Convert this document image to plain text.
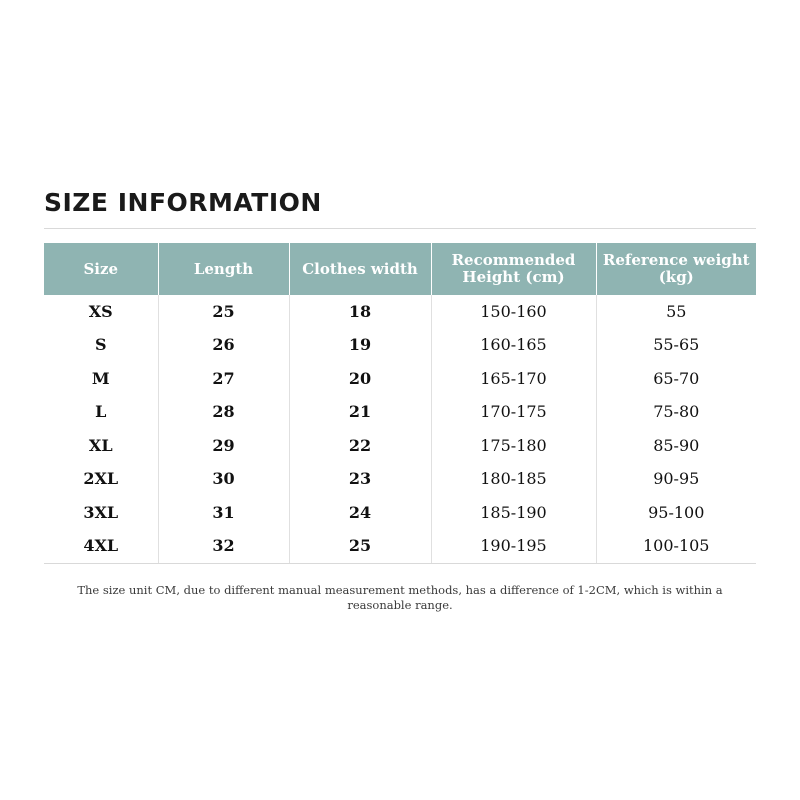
SIZE INFORMATION
Size	Length	Clothes width	Recommended Height (cm)	Reference weight (kg)
XS	25	18	150-160	55
S	26	19	160-165	55-65
M	27	20	165-170	65-70
L	28	21	170-175	75-80
XL	29	22	175-180	85-90
2XL	30	23	180-185	90-95
3XL	31	24	185-190	95-100
4XL	32	25	190-195	100-105
The size unit CM, due to different manual measurement methods, has a difference of 1-2CM, which is within a reasonable range.
